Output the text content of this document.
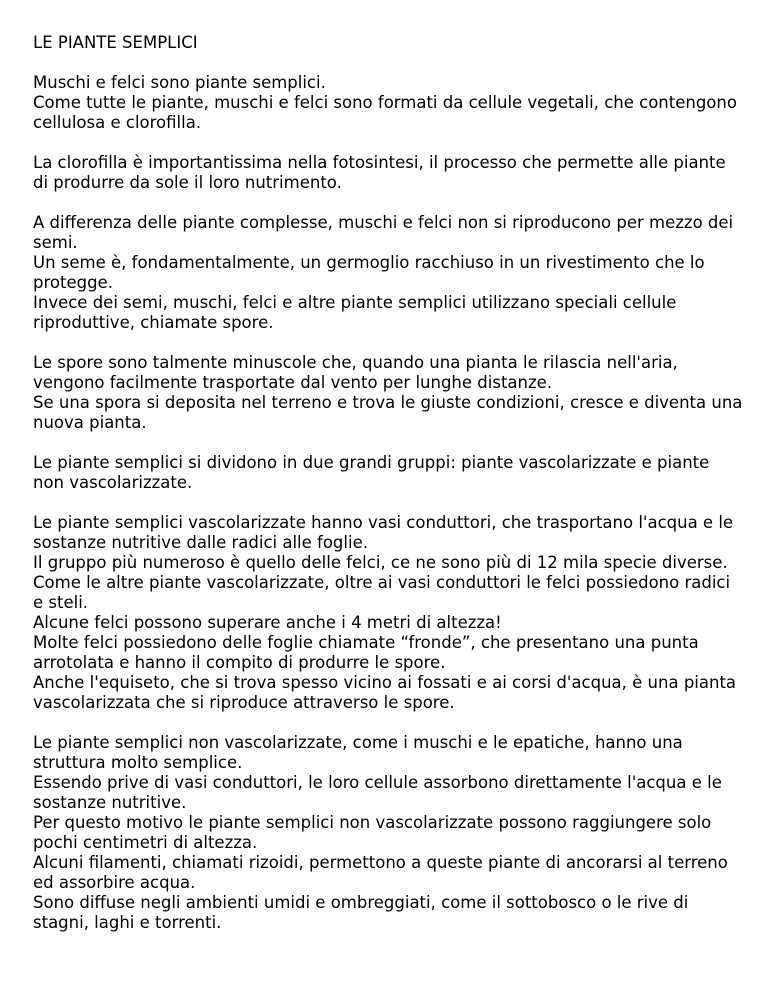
LE PIANTE SEMPLICI
Muschi e felci sono piante semplici.
Come tutte le piante, muschi e felci sono formati da cellule vegetali, che contengono cellulosa e clorofilla.
La clorofilla è importantissima nella fotosintesi, il processo che permette alle piante di produrre da sole il loro nutrimento.
A differenza delle piante complesse, muschi e felci non si riproducono per mezzo dei semi.
Un seme è, fondamentalmente, un germoglio racchiuso in un rivestimento che lo protegge.
Invece dei semi, muschi, felci e altre piante semplici utilizzano speciali cellule riproduttive, chiamate spore.
Le spore sono talmente minuscole che, quando una pianta le rilascia nell'aria, vengono facilmente trasportate dal vento per lunghe distanze.
Se una spora si deposita nel terreno e trova le giuste condizioni, cresce e diventa una nuova pianta.
Le piante semplici si dividono in due grandi gruppi: piante vascolarizzate e piante non vascolarizzate.
Le piante semplici vascolarizzate hanno vasi conduttori, che trasportano l'acqua e le sostanze nutritive dalle radici alle foglie.
Il gruppo più numeroso è quello delle felci, ce ne sono più di 12 mila specie diverse.
Come le altre piante vascolarizzate, oltre ai vasi conduttori le felci possiedono radici e steli.
Alcune felci possono superare anche i 4 metri di altezza!
Molte felci possiedono delle foglie chiamate “fronde”, che presentano una punta arrotolata e hanno il compito di produrre le spore.
Anche l'equiseto, che si trova spesso vicino ai fossati e ai corsi d'acqua, è una pianta vascolarizzata che si riproduce attraverso le spore.
Le piante semplici non vascolarizzate, come i muschi e le epatiche, hanno una struttura molto semplice.
Essendo prive di vasi conduttori, le loro cellule assorbono direttamente l'acqua e le sostanze nutritive.
Per questo motivo le piante semplici non vascolarizzate possono raggiungere solo pochi centimetri di altezza.
Alcuni filamenti, chiamati rizoidi, permettono a queste piante di ancorarsi al terreno ed assorbire acqua.
Sono diffuse negli ambienti umidi e ombreggiati, come il sottobosco o le rive di stagni, laghi e torrenti.
